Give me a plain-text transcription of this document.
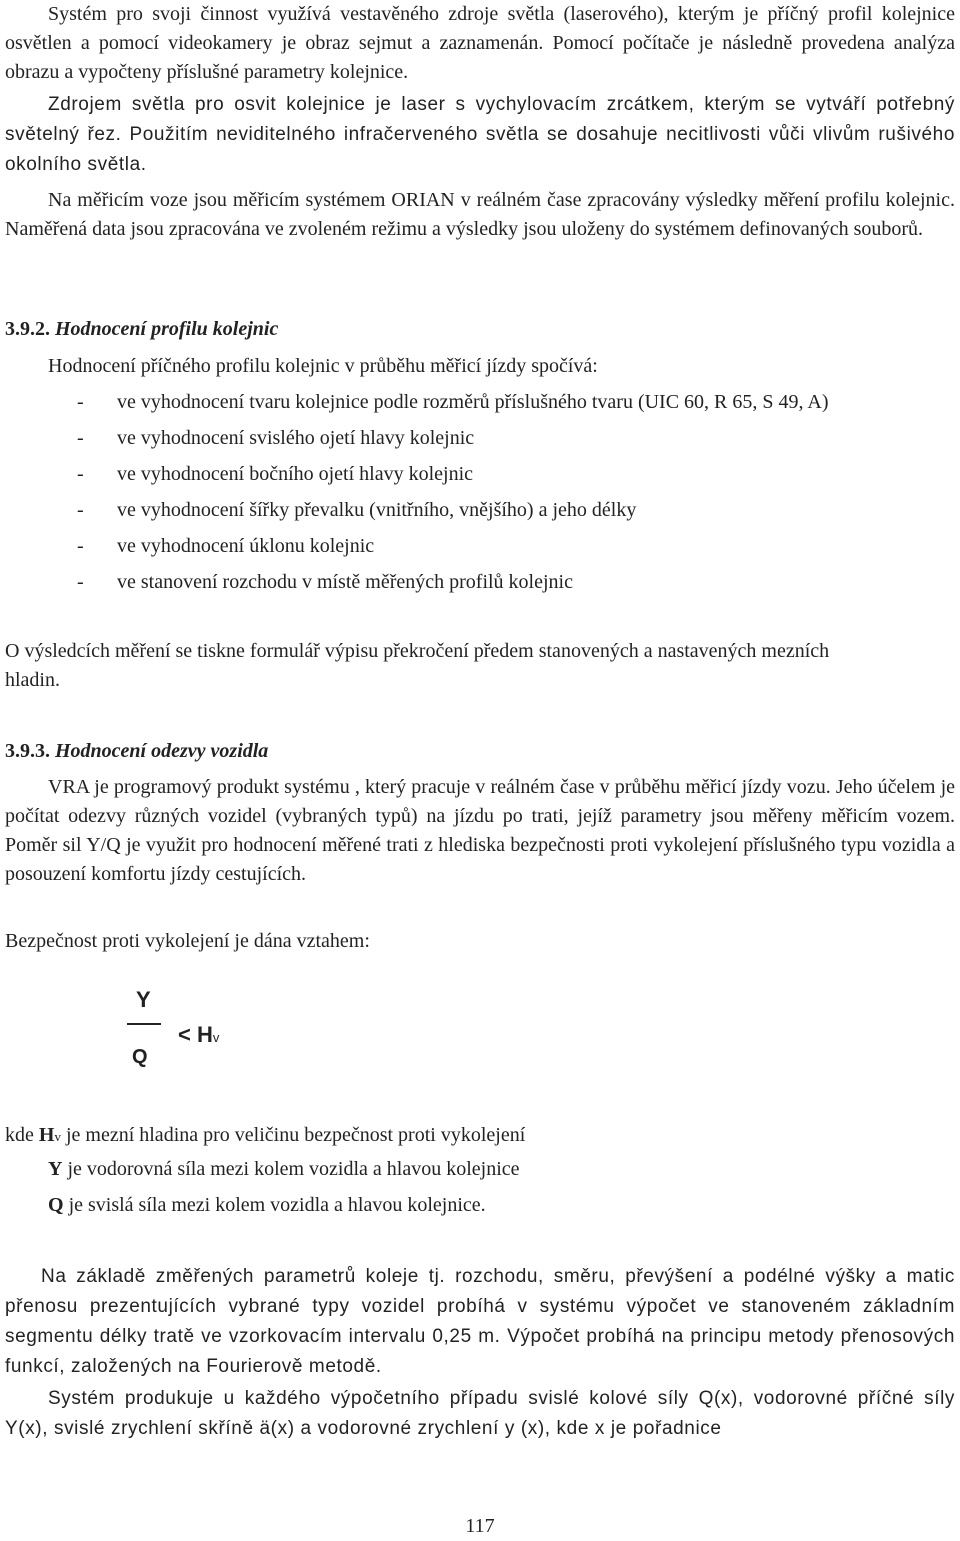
Systém pro svoji činnost využívá vestavěného zdroje světla (laserového), kterým je příčný profil kolejnice osvětlen a pomocí videokamery je obraz sejmut a zaznamenán. Pomocí počítače je následně provedena analýza obrazu a vypočteny příslušné parametry kolejnice.

Zdrojem světla pro osvit kolejnice je laser s vychylovacím zrcátkem, kterým se vytváří potřebný světelný řez. Použitím neviditelného infračerveného světla se dosahuje necitlivosti vůči vlivům rušivého okolního světla.

Na měřicím voze jsou měřicím systémem ORIAN v reálném čase zpracovány výsledky měření profilu kolejnic. Naměřená data jsou zpracována ve zvoleném režimu a výsledky jsou uloženy do systémem definovaných souborů.

3.9.2. Hodnocení profilu kolejnic

Hodnocení příčného profilu kolejnic v průběhu měřicí jízdy spočívá:

- ve vyhodnocení tvaru kolejnice podle rozměrů příslušného tvaru (UIC 60, R 65, S 49, A)
- ve vyhodnocení svislého ojetí hlavy kolejnic
- ve vyhodnocení bočního ojetí hlavy kolejnic
- ve vyhodnocení šířky převalku (vnitřního, vnějšího) a jeho délky
- ve vyhodnocení úklonu kolejnic
- ve stanovení rozchodu v místě měřených profilů kolejnic

O výsledcích měření se tiskne formulář výpisu překročení předem stanovených a nastavených mezních hladin.

3.9.3. Hodnocení odezvy vozidla

VRA je programový produkt systému , který pracuje v reálném čase v průběhu měřicí jízdy vozu. Jeho účelem je počítat odezvy různých vozidel (vybraných typů) na jízdu po trati, jejíž parametry jsou měřeny měřicím vozem. Poměr sil Y/Q je využit pro hodnocení měřené trati z hlediska bezpečnosti proti vykolejení příslušného typu vozidla a posouzení komfortu jízdy cestujících.

Bezpečnost proti vykolejení je dána vztahem:

Y
Q
< Hv

kde Hv je mezní hladina pro veličinu bezpečnost proti vykolejení

Y je vodorovná síla mezi kolem vozidla a hlavou kolejnice

Q je svislá síla mezi kolem vozidla a hlavou kolejnice.

Na základě změřených parametrů koleje tj. rozchodu, směru, převýšení a podélné výšky a matic přenosu prezentujících vybrané typy vozidel probíhá v systému výpočet ve stanoveném základním segmentu délky tratě ve vzorkovacím intervalu 0,25 m. Výpočet probíhá na principu metody přenosových funkcí, založených na Fourierově metodě.

Systém produkuje u každého výpočetního případu svislé kolové síly Q(x), vodorovné příčné síly Y(x), svislé zrychlení skříně ä(x) a vodorovné zrychlení y (x), kde x je pořadnice

117
